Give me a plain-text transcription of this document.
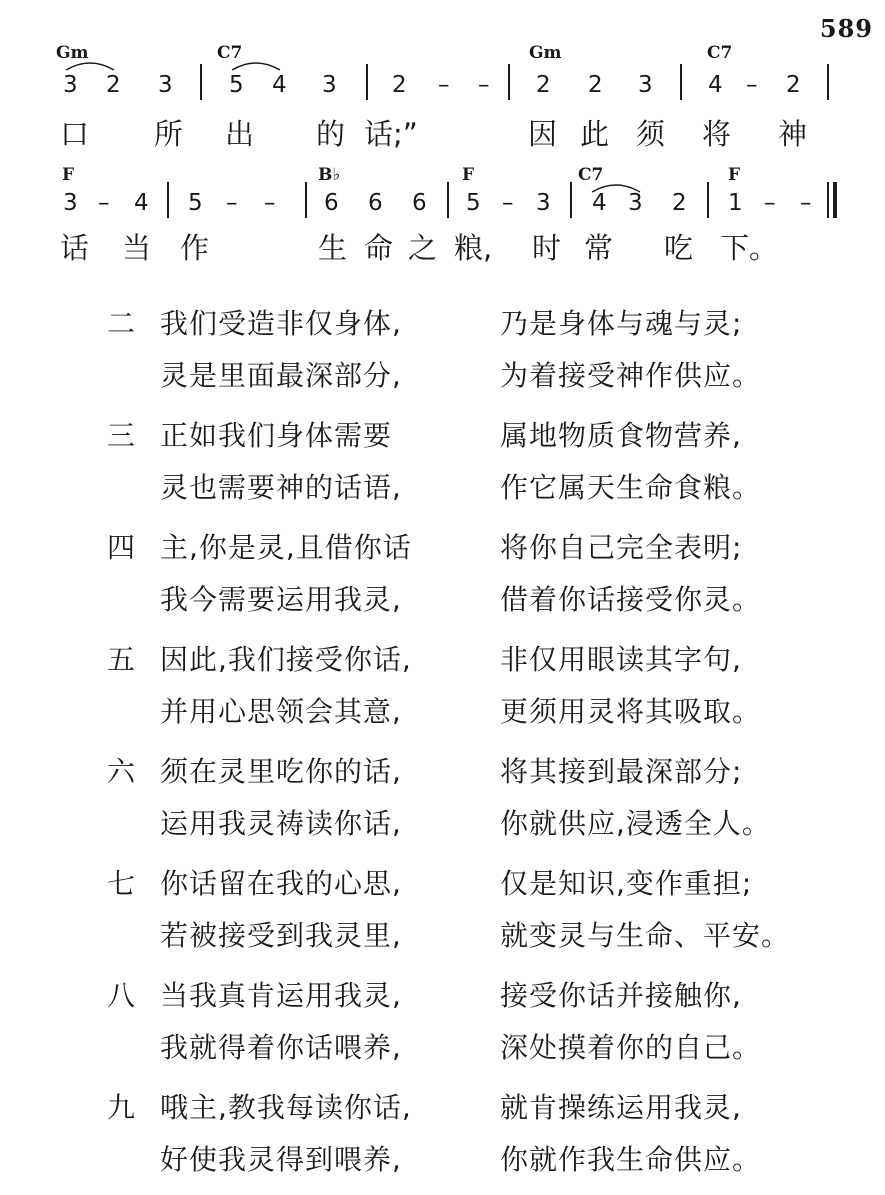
589
Gm	C7	Gm	C7
3 2 3 5 4 3 2 – – 2 2 3 4 – 2
口 所 出 的 话;”	因 此 须 将 神
F	B♭	F	C7	F
3 – 4 5 – – 6 6 6 5 – 3 4 3 2 1 – –
话 当 作	生 命 之 粮, 时 常 吃 下。
二 我们受造非仅身体,	乃是身体与魂与灵;
灵是里面最深部分,	为着接受神作供应。
三 正如我们身体需要	属地物质食物营养,
灵也需要神的话语,	作它属天生命食粮。
四 主,你是灵,且借你话	将你自己完全表明;
我今需要运用我灵,	借着你话接受你灵。
五 因此,我们接受你话,	非仅用眼读其字句,
并用心思领会其意,	更须用灵将其吸取。
六 须在灵里吃你的话,	将其接到最深部分;
运用我灵祷读你话,	你就供应,浸透全人。
七 你话留在我的心思,	仅是知识,变作重担;
若被接受到我灵里,	就变灵与生命、平安。
八 当我真肯运用我灵,	接受你话并接触你,
我就得着你话喂养,	深处摸着你的自己。
九 哦主,教我每读你话,	就肯操练运用我灵,
好使我灵得到喂养,	你就作我生命供应。
